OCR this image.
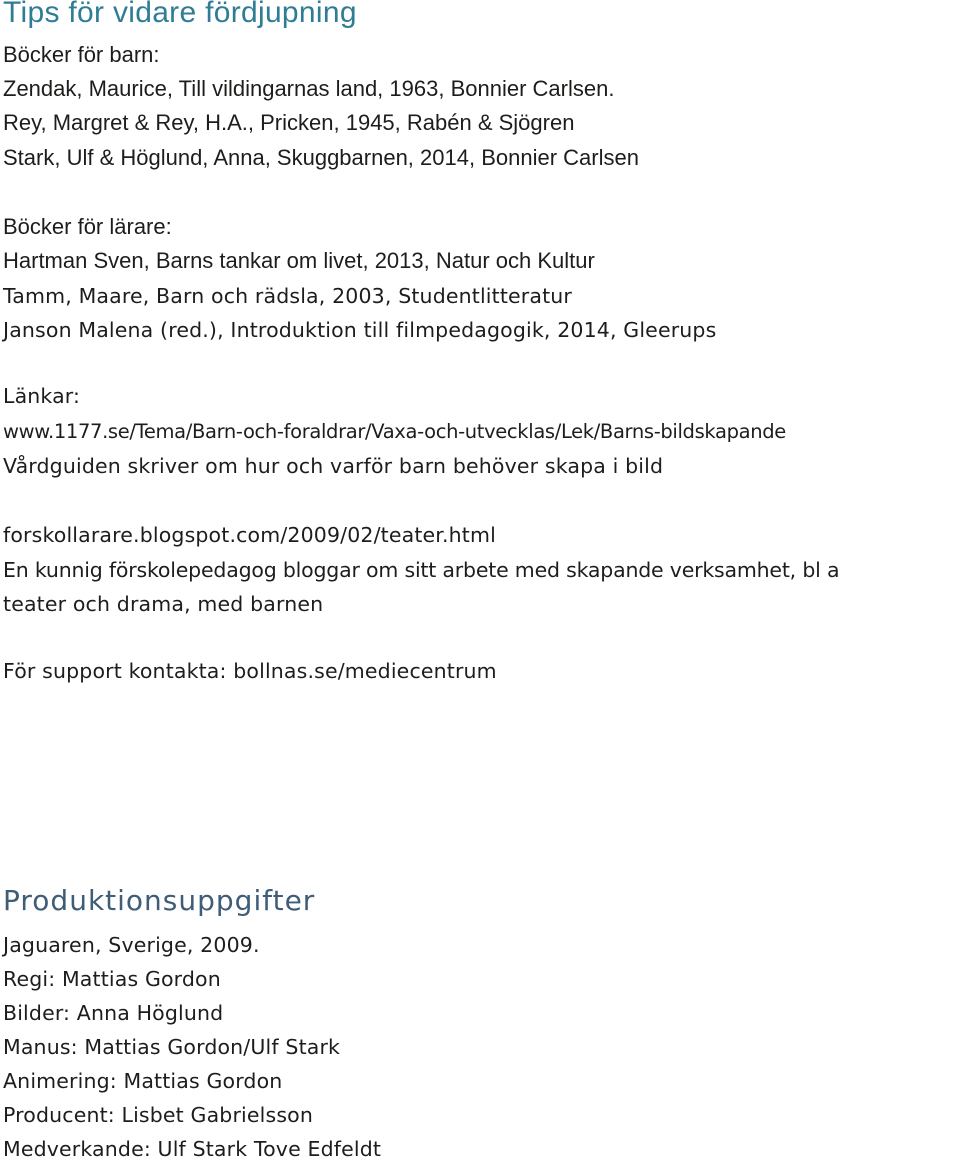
Tips för vidare fördjupning

Böcker för barn:

Zendak, Maurice, Till vildingarnas land, 1963, Bonnier Carlsen.

Rey, Margret & Rey, H.A., Pricken, 1945, Rabén & Sjögren

Stark, Ulf & Höglund, Anna, Skuggbarnen, 2014, Bonnier Carlsen

Böcker för lärare:

Hartman Sven, Barns tankar om livet, 2013, Natur och Kultur

Tamm, Maare, Barn och rädsla, 2003, Studentlitteratur

Janson Malena (red.), Introduktion till filmpedagogik, 2014, Gleerups

Länkar:

www.1177.se/Tema/Barn-och-foraldrar/Vaxa-och-utvecklas/Lek/Barns-bildskapande

Vårdguiden skriver om hur och varför barn behöver skapa i bild

forskollarare.blogspot.com/2009/02/teater.html

En kunnig förskolepedagog bloggar om sitt arbete med skapande verksamhet, bl a

teater och drama, med barnen

För support kontakta: bollnas.se/mediecentrum

Produktionsuppgifter

Jaguaren, Sverige, 2009.

Regi: Mattias Gordon

Bilder: Anna Höglund

Manus: Mattias Gordon/Ulf Stark

Animering: Mattias Gordon

Producent: Lisbet Gabrielsson

Medverkande: Ulf Stark Tove Edfeldt
